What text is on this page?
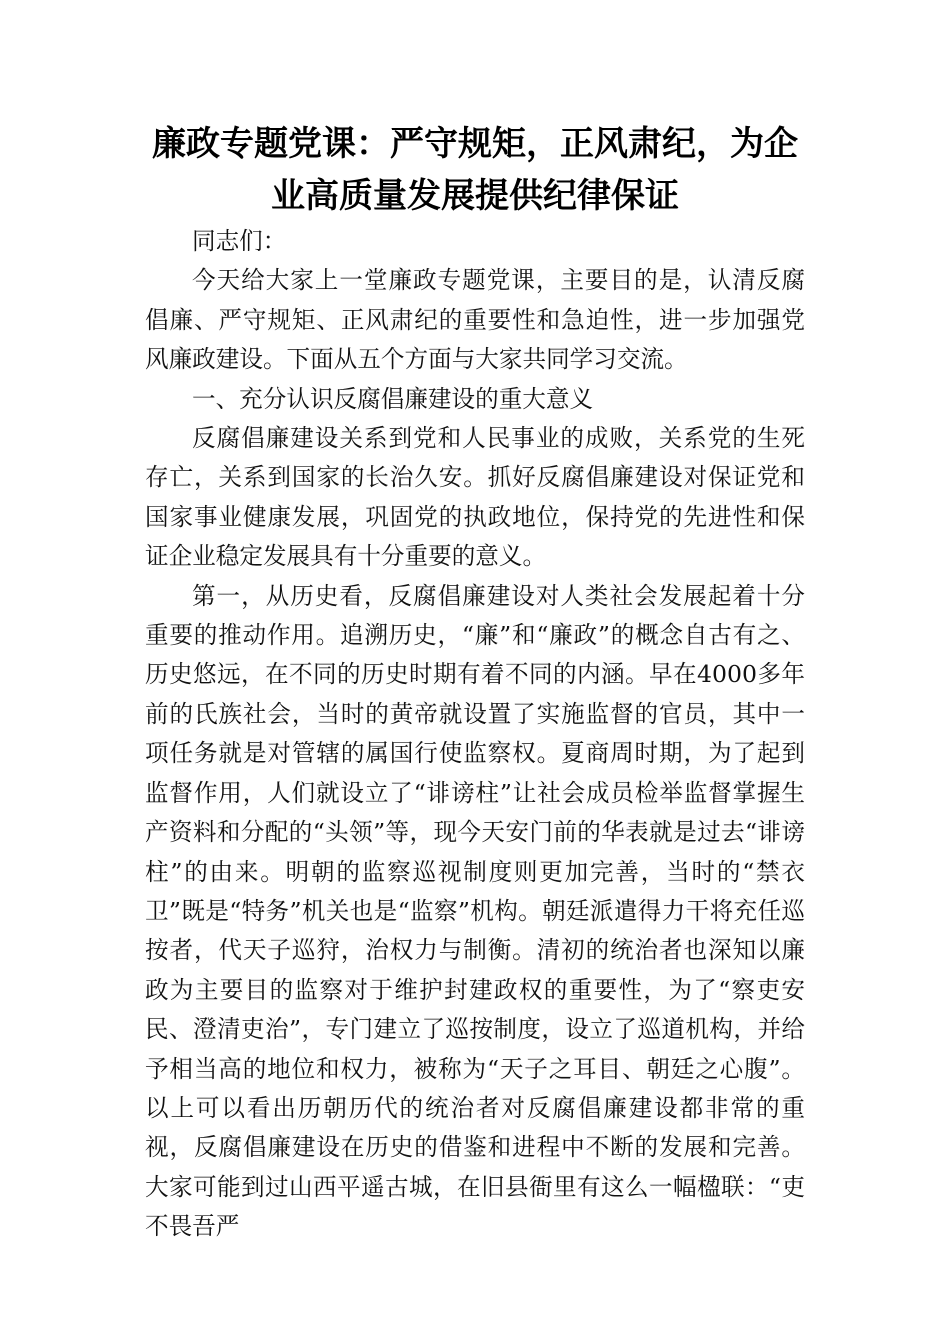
廉政专题党课：严守规矩，正风肃纪，为企业高质量发展提供纪律保证

同志们：

今天给大家上一堂廉政专题党课，主要目的是，认清反腐倡廉、严守规矩、正风肃纪的重要性和急迫性，进一步加强党风廉政建设。下面从五个方面与大家共同学习交流。

一、充分认识反腐倡廉建设的重大意义

反腐倡廉建设关系到党和人民事业的成败，关系党的生死存亡，关系到国家的长治久安。抓好反腐倡廉建设对保证党和国家事业健康发展，巩固党的执政地位，保持党的先进性和保证企业稳定发展具有十分重要的意义。

第一，从历史看，反腐倡廉建设对人类社会发展起着十分重要的推动作用。追溯历史，“廉”和“廉政”的概念自古有之、历史悠远，在不同的历史时期有着不同的内涵。早在4000多年前的氏族社会，当时的黄帝就设置了实施监督的官员，其中一项任务就是对管辖的属国行使监察权。夏商周时期，为了起到监督作用，人们就设立了“诽谤柱”让社会成员检举监督掌握生产资料和分配的“头领”等，现今天安门前的华表就是过去“诽谤柱”的由来。明朝的监察巡视制度则更加完善，当时的“禁衣卫”既是“特务”机关也是“监察”机构。朝廷派遣得力干将充任巡按者，代天子巡狩，治权力与制衡。清初的统治者也深知以廉政为主要目的监察对于维护封建政权的重要性，为了“察吏安民、澄清吏治”，专门建立了巡按制度，设立了巡道机构，并给予相当高的地位和权力，被称为“天子之耳目、朝廷之心腹”。以上可以看出历朝历代的统治者对反腐倡廉建设都非常的重视，反腐倡廉建设在历史的借鉴和进程中不断的发展和完善。大家可能到过山西平遥古城，在旧县衙里有这么一幅楹联：“吏不畏吾严
